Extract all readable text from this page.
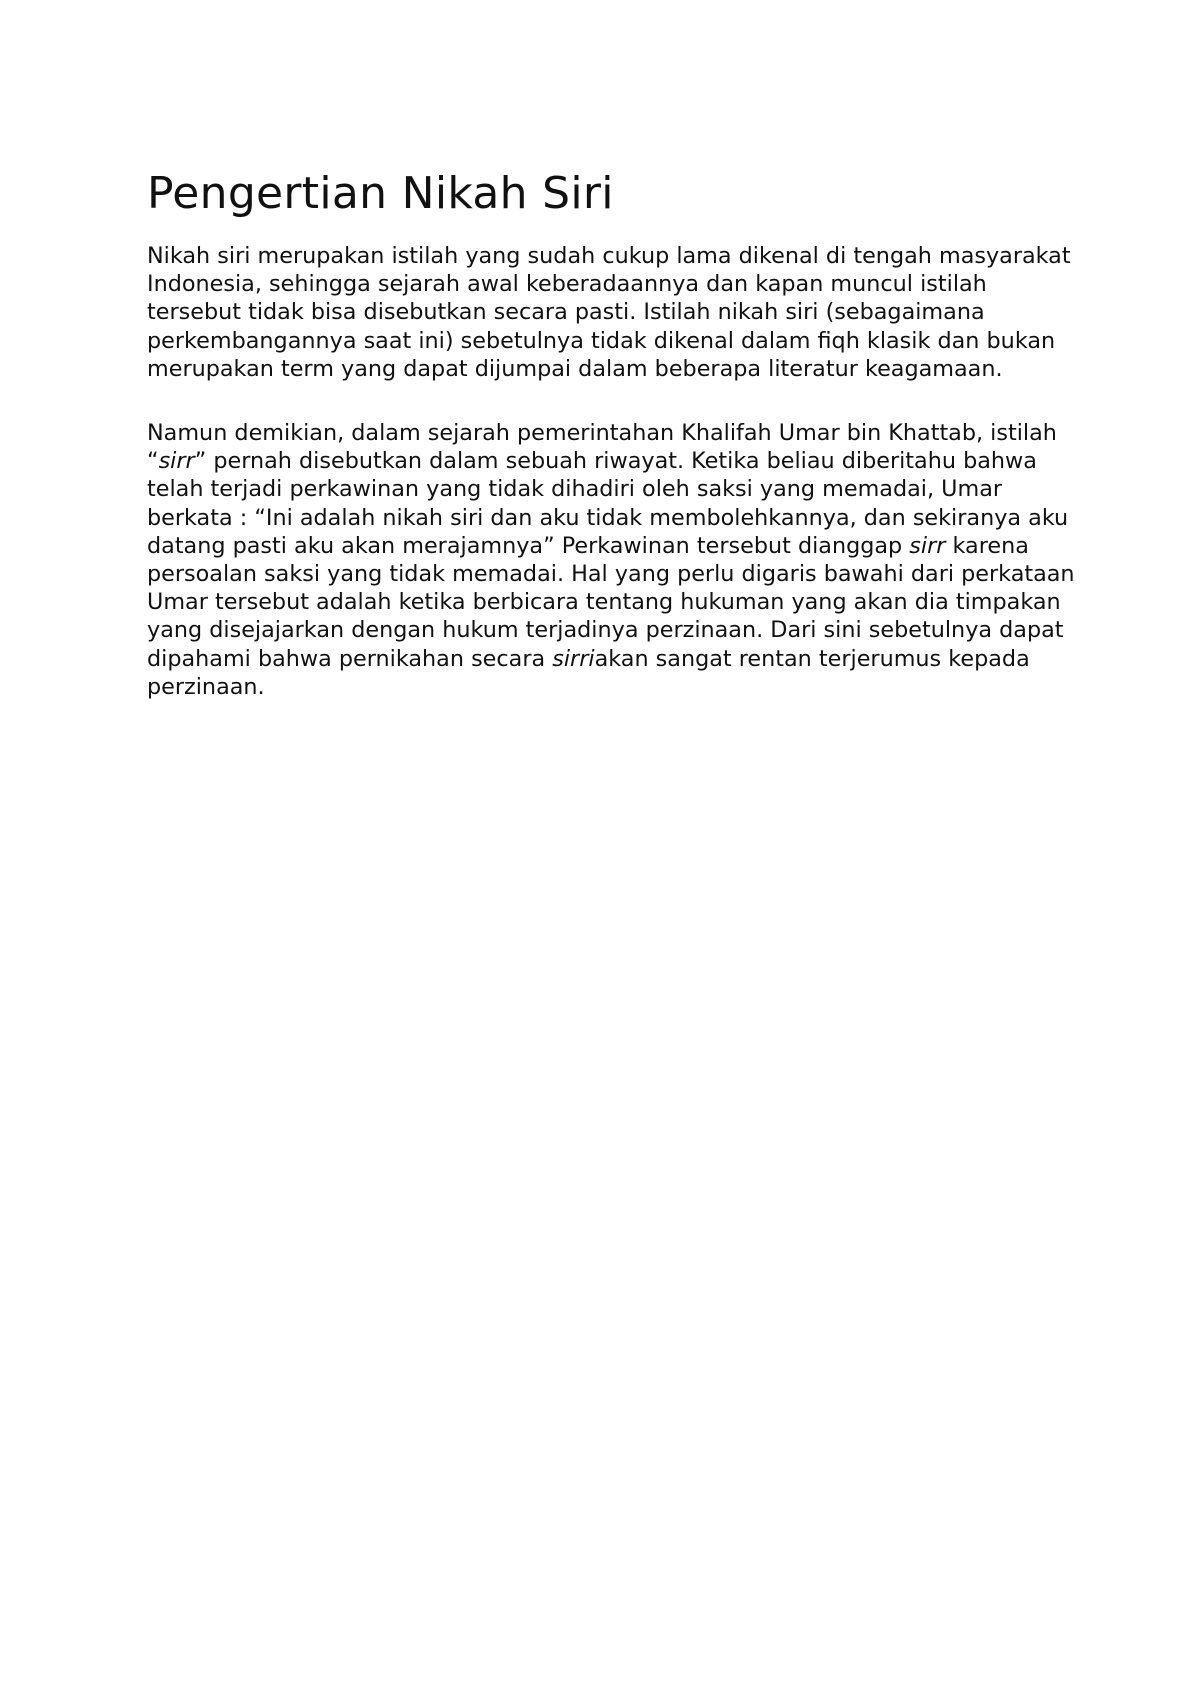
Pengertian Nikah Siri

Nikah siri merupakan istilah yang sudah cukup lama dikenal di tengah masyarakat Indonesia, sehingga sejarah awal keberadaannya dan kapan muncul istilah tersebut tidak bisa disebutkan secara pasti. Istilah nikah siri (sebagaimana perkembangannya saat ini) sebetulnya tidak dikenal dalam fiqh klasik dan bukan merupakan term yang dapat dijumpai dalam beberapa literatur keagamaan.

Namun demikian, dalam sejarah pemerintahan Khalifah Umar bin Khattab, istilah “sirr” pernah disebutkan dalam sebuah riwayat. Ketika beliau diberitahu bahwa telah terjadi perkawinan yang tidak dihadiri oleh saksi yang memadai, Umar berkata : “Ini adalah nikah siri dan aku tidak membolehkannya, dan sekiranya aku datang pasti aku akan merajamnya” Perkawinan tersebut dianggap sirr karena persoalan saksi yang tidak memadai. Hal yang perlu digaris bawahi dari perkataan Umar tersebut adalah ketika berbicara tentang hukuman yang akan dia timpakan yang disejajarkan dengan hukum terjadinya perzinaan. Dari sini sebetulnya dapat dipahami bahwa pernikahan secara sirriakan sangat rentan terjerumus kepada perzinaan.
